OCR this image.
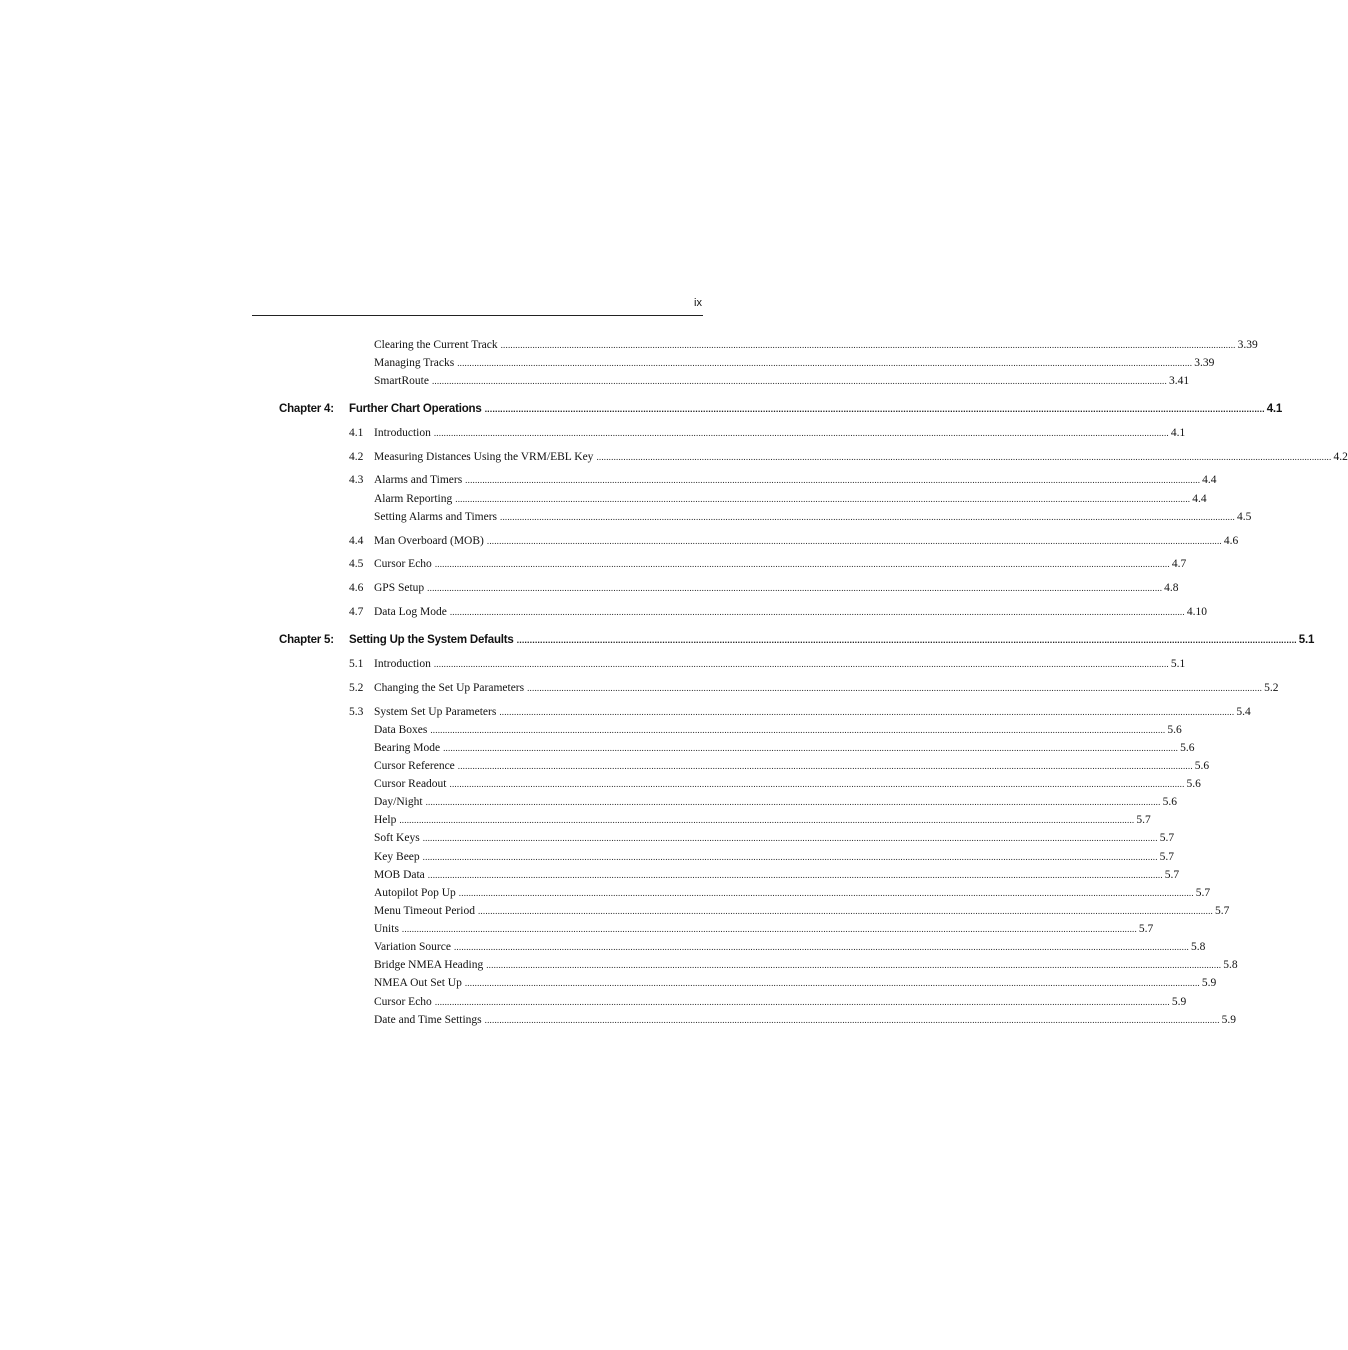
ix
Clearing the Current Track ............................................................................................................................................................................................................................................................................................................ 3.39
Managing Tracks ............................................................................................................................................................................................................................................................................................................ 3.39
SmartRoute ............................................................................................................................................................................................................................................................................................................ 3.41
Chapter 4:	Further Chart Operations ............................................................................................................................................................................................................................................................................................................ 4.1
4.1 Introduction ............................................................................................................................................................................................................................................................................................................ 4.1
4.2 Measuring Distances Using the VRM/EBL Key ............................................................................................................................................................................................................................................................................................................ 4.2
4.3 Alarms and Timers ............................................................................................................................................................................................................................................................................................................ 4.4
Alarm Reporting ............................................................................................................................................................................................................................................................................................................ 4.4
Setting Alarms and Timers ............................................................................................................................................................................................................................................................................................................ 4.5
4.4 Man Overboard (MOB) ............................................................................................................................................................................................................................................................................................................ 4.6
4.5 Cursor Echo ............................................................................................................................................................................................................................................................................................................ 4.7
4.6 GPS Setup ............................................................................................................................................................................................................................................................................................................ 4.8
4.7 Data Log Mode ............................................................................................................................................................................................................................................................................................................ 4.10
Chapter 5:	Setting Up the System Defaults ............................................................................................................................................................................................................................................................................................................ 5.1
5.1 Introduction ............................................................................................................................................................................................................................................................................................................ 5.1
5.2 Changing the Set Up Parameters ............................................................................................................................................................................................................................................................................................................ 5.2
5.3 System Set Up Parameters ............................................................................................................................................................................................................................................................................................................ 5.4
Data Boxes ............................................................................................................................................................................................................................................................................................................ 5.6
Bearing Mode ............................................................................................................................................................................................................................................................................................................ 5.6
Cursor Reference ............................................................................................................................................................................................................................................................................................................ 5.6
Cursor Readout ............................................................................................................................................................................................................................................................................................................ 5.6
Day/Night ............................................................................................................................................................................................................................................................................................................ 5.6
Help ............................................................................................................................................................................................................................................................................................................ 5.7
Soft Keys ............................................................................................................................................................................................................................................................................................................ 5.7
Key Beep ............................................................................................................................................................................................................................................................................................................ 5.7
MOB Data ............................................................................................................................................................................................................................................................................................................ 5.7
Autopilot Pop Up ............................................................................................................................................................................................................................................................................................................ 5.7
Menu Timeout Period ............................................................................................................................................................................................................................................................................................................ 5.7
Units ............................................................................................................................................................................................................................................................................................................ 5.7
Variation Source ............................................................................................................................................................................................................................................................................................................ 5.8
Bridge NMEA Heading ............................................................................................................................................................................................................................................................................................................ 5.8
NMEA Out Set Up ............................................................................................................................................................................................................................................................................................................ 5.9
Cursor Echo ............................................................................................................................................................................................................................................................................................................ 5.9
Date and Time Settings ............................................................................................................................................................................................................................................................................................................ 5.9
